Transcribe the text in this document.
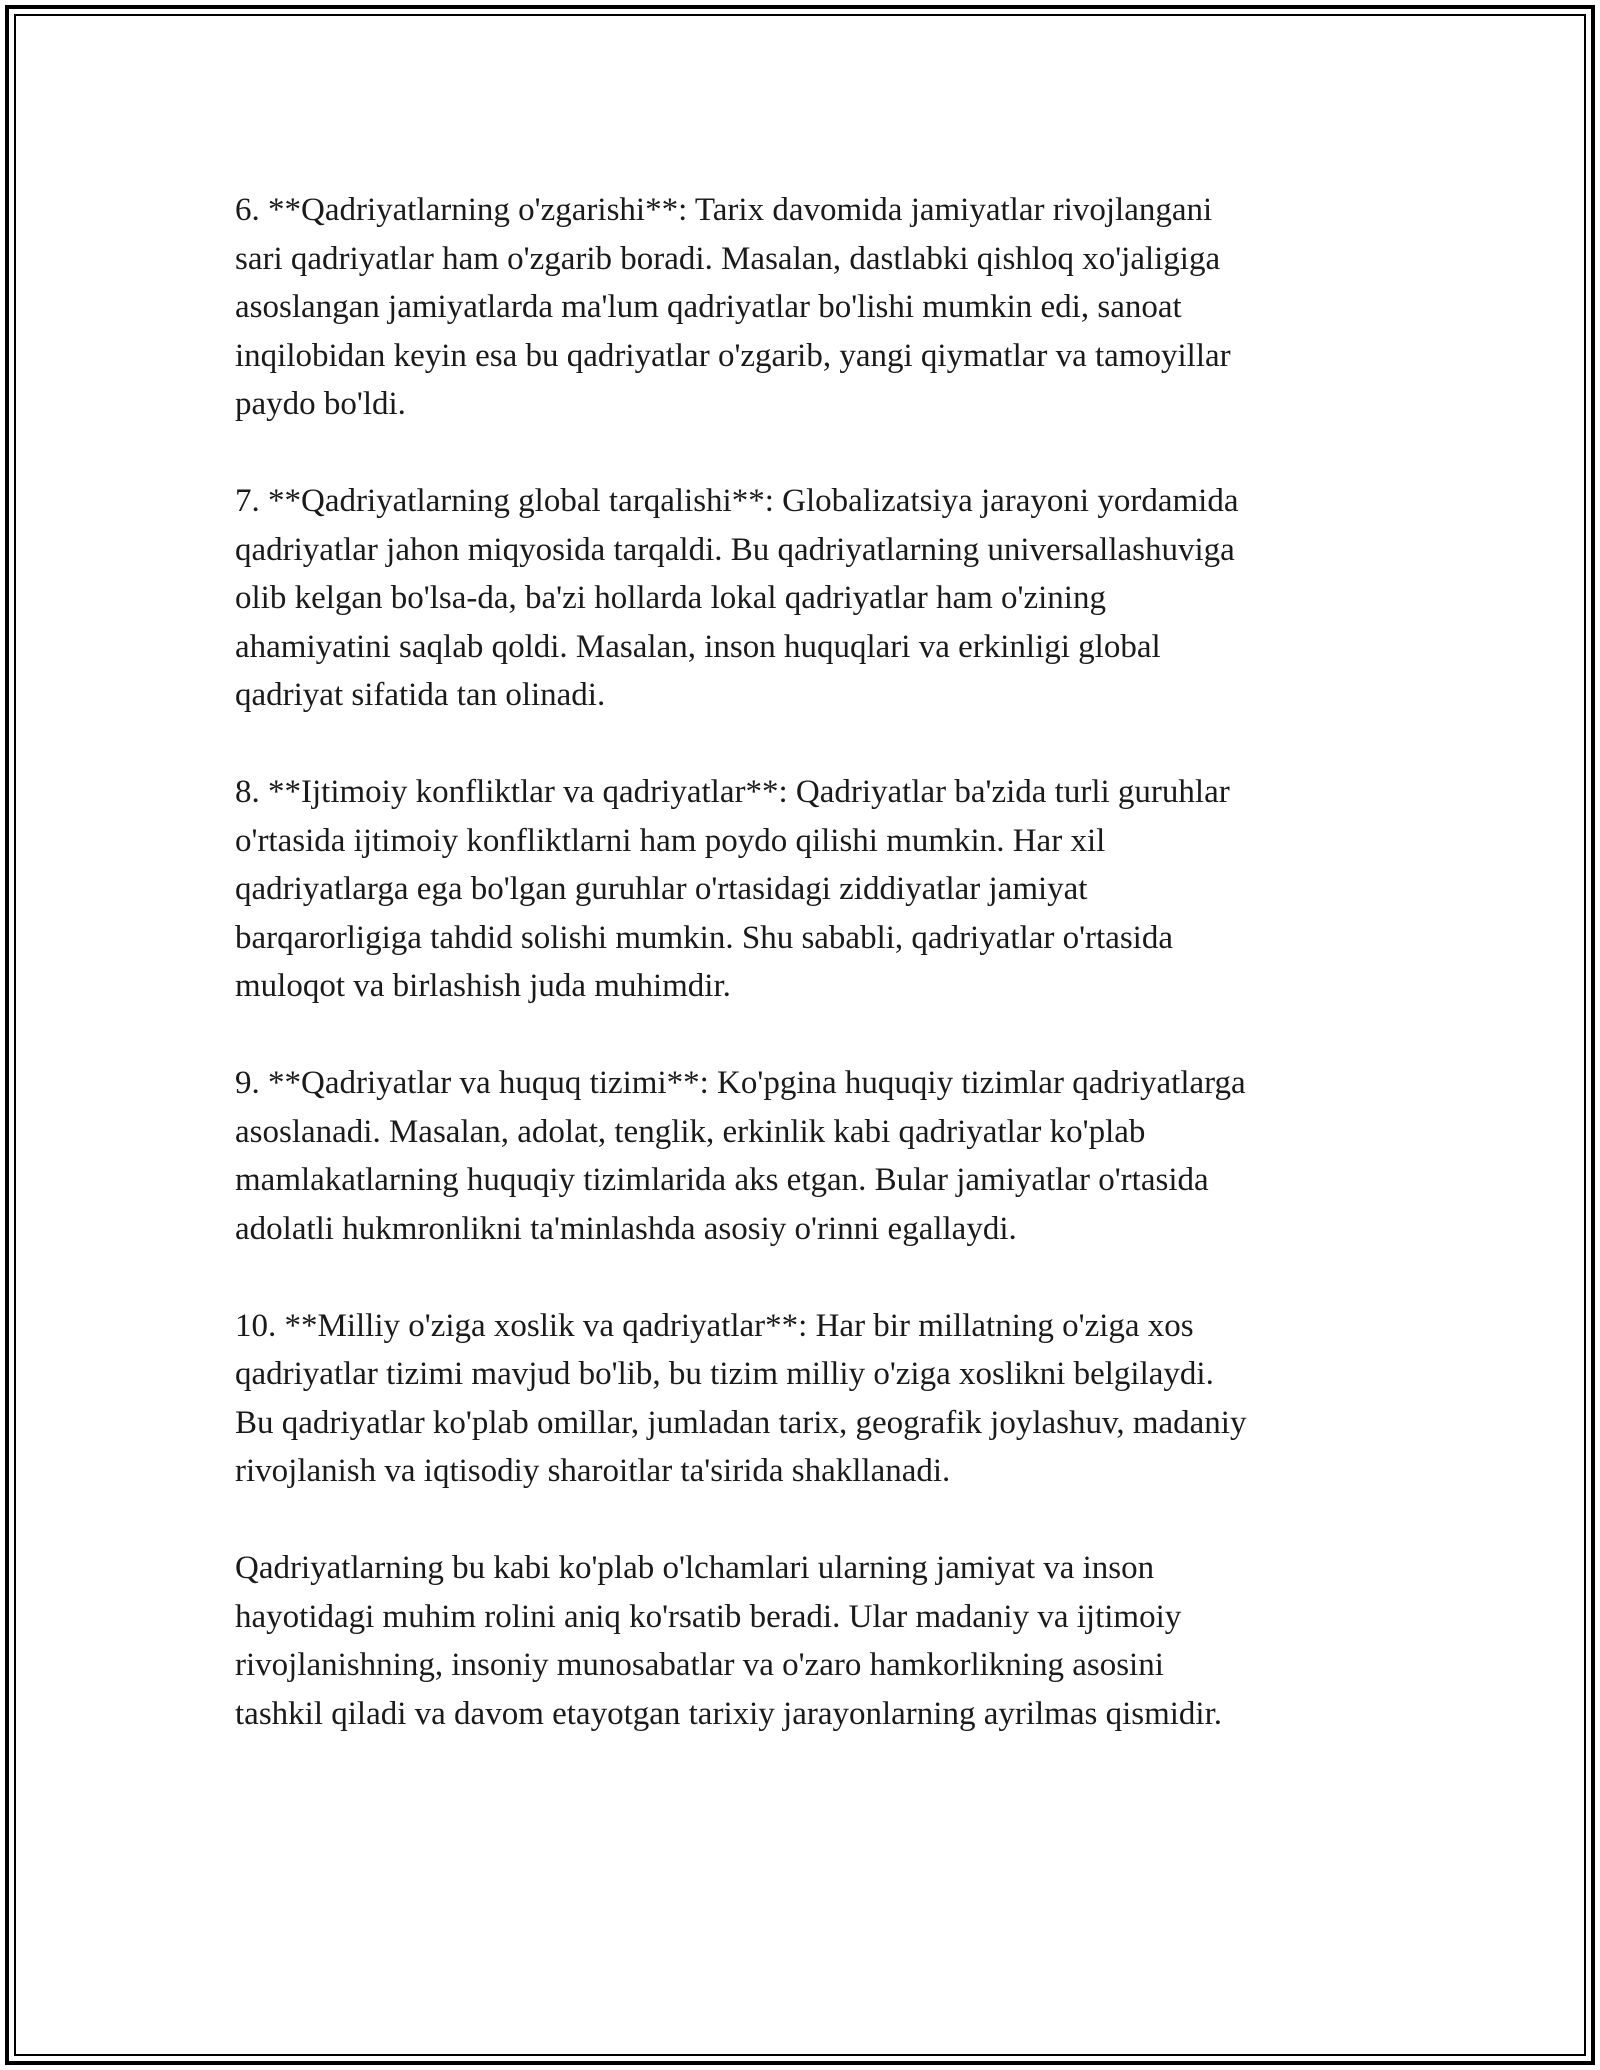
6. **Qadriyatlarning o'zgarishi**: Tarix davomida jamiyatlar rivojlangani
sari qadriyatlar ham o'zgarib boradi. Masalan, dastlabki qishloq xo'jaligiga
asoslangan jamiyatlarda ma'lum qadriyatlar bo'lishi mumkin edi, sanoat
inqilobidan keyin esa bu qadriyatlar o'zgarib, yangi qiymatlar va tamoyillar
paydo bo'ldi.

7. **Qadriyatlarning global tarqalishi**: Globalizatsiya jarayoni yordamida
qadriyatlar jahon miqyosida tarqaldi. Bu qadriyatlarning universallashuviga
olib kelgan bo'lsa-da, ba'zi hollarda lokal qadriyatlar ham o'zining
ahamiyatini saqlab qoldi. Masalan, inson huquqlari va erkinligi global
qadriyat sifatida tan olinadi.

8. **Ijtimoiy konfliktlar va qadriyatlar**: Qadriyatlar ba'zida turli guruhlar
o'rtasida ijtimoiy konfliktlarni ham poydo qilishi mumkin. Har xil
qadriyatlarga ega bo'lgan guruhlar o'rtasidagi ziddiyatlar jamiyat
barqarorligiga tahdid solishi mumkin. Shu sababli, qadriyatlar o'rtasida
muloqot va birlashish juda muhimdir.

9. **Qadriyatlar va huquq tizimi**: Ko'pgina huquqiy tizimlar qadriyatlarga
asoslanadi. Masalan, adolat, tenglik, erkinlik kabi qadriyatlar ko'plab
mamlakatlarning huquqiy tizimlarida aks etgan. Bular jamiyatlar o'rtasida
adolatli hukmronlikni ta'minlashda asosiy o'rinni egallaydi.

10. **Milliy o'ziga xoslik va qadriyatlar**: Har bir millatning o'ziga xos
qadriyatlar tizimi mavjud bo'lib, bu tizim milliy o'ziga xoslikni belgilaydi.
Bu qadriyatlar ko'plab omillar, jumladan tarix, geografik joylashuv, madaniy
rivojlanish va iqtisodiy sharoitlar ta'sirida shakllanadi.

Qadriyatlarning bu kabi ko'plab o'lchamlari ularning jamiyat va inson
hayotidagi muhim rolini aniq ko'rsatib beradi. Ular madaniy va ijtimoiy
rivojlanishning, insoniy munosabatlar va o'zaro hamkorlikning asosini
tashkil qiladi va davom etayotgan tarixiy jarayonlarning ayrilmas qismidir.
